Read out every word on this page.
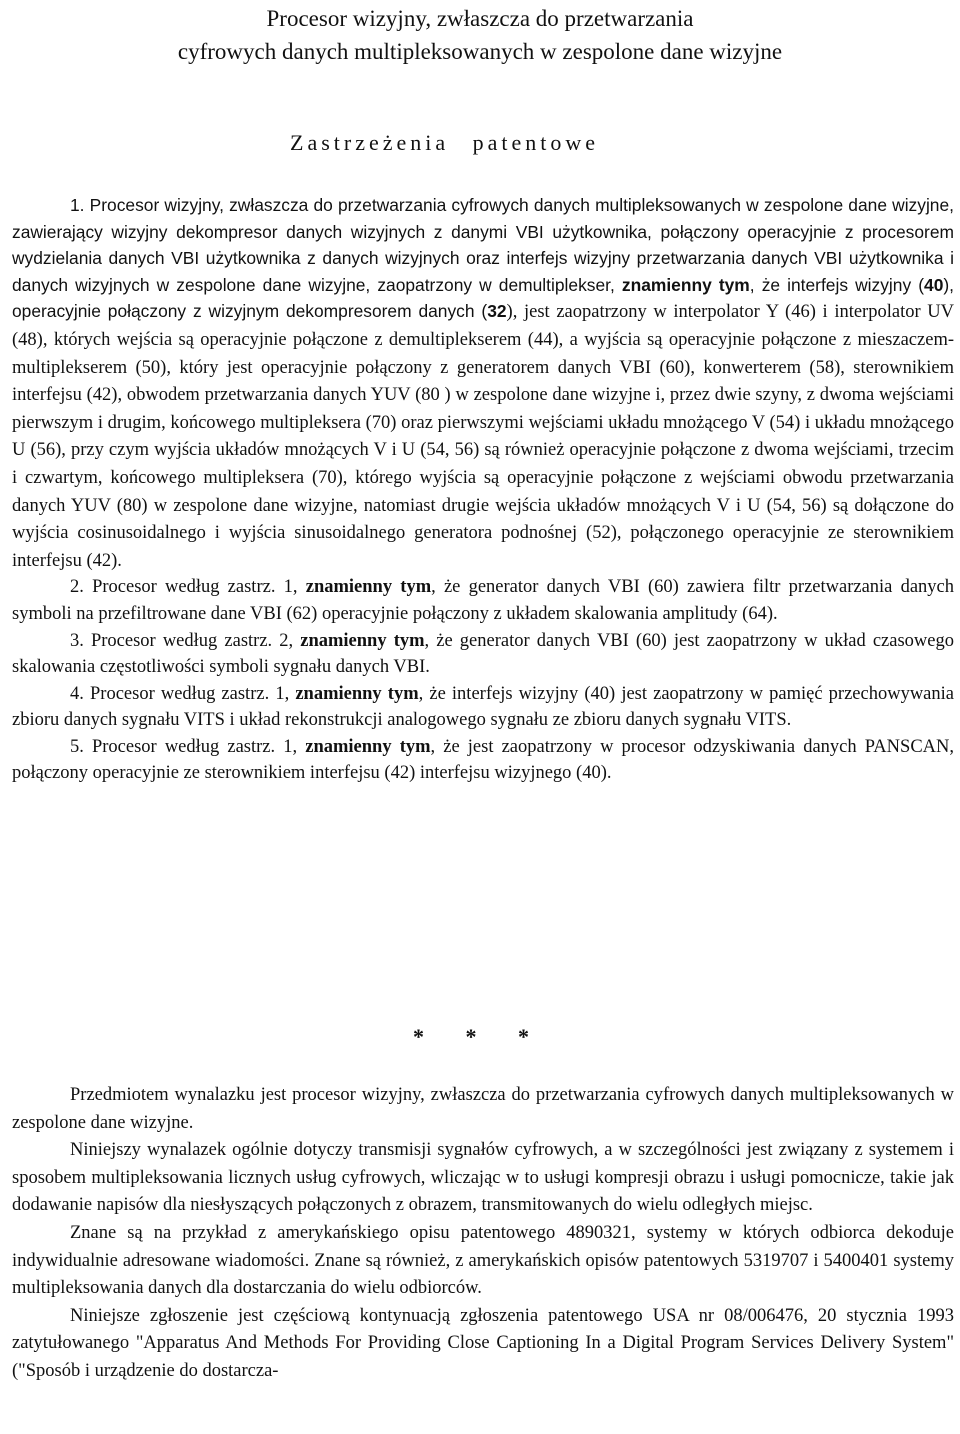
Procesor wizyjny, zwłaszcza do przetwarzania
cyfrowych danych multipleksowanych w zespolone dane wizyjne
Zastrzeżenia patentowe

1. Procesor wizyjny, zwłaszcza do przetwarzania cyfrowych danych multipleksowanych w zespolone dane wizyjne, zawierający wizyjny dekompresor danych wizyjnych z danymi VBI użytkownika, połączony operacyjnie z procesorem wydzielania danych VBI użytkownika z danych wizyjnych oraz interfejs wizyjny przetwarzania danych VBI użytkownika i danych wizyjnych w zespolone dane wizyjne, zaopatrzony w demultiplekser, znamienny tym, że interfejs wizyjny (40), operacyjnie połączony z wizyjnym dekompresorem danych (32), jest zaopatrzony w interpolator Y (46) i interpolator UV (48), których wejścia są operacyjnie połączone z demultiplekserem (44), a wyjścia są operacyjnie połączone z mieszaczem-multiplekserem (50), który jest operacyjnie połączony z generatorem danych VBI (60), konwerterem (58), sterownikiem interfejsu (42), obwodem przetwarzania danych YUV (80 ) w zespolone dane wizyjne i, przez dwie szyny, z dwoma wejściami pierwszym i drugim, końcowego multipleksera (70) oraz pierwszymi wejściami układu mnożącego V (54) i układu mnożącego U (56), przy czym wyjścia układów mnożących V i U (54, 56) są również operacyjnie połączone z dwoma wejściami, trzecim i czwartym, końcowego multipleksera (70), którego wyjścia są operacyjnie połączone z wejściami obwodu przetwarzania danych YUV (80) w zespolone dane wizyjne, natomiast drugie wejścia układów mnożących V i U (54, 56) są dołączone do wyjścia cosinusoidalnego i wyjścia sinusoidalnego generatora podnośnej (52), połączonego operacyjnie ze sterownikiem interfejsu (42).

2. Procesor według zastrz. 1, znamienny tym, że generator danych VBI (60) zawiera filtr przetwarzania danych symboli na przefiltrowane dane VBI (62) operacyjnie połączony z układem skalowania amplitudy (64).

3. Procesor według zastrz. 2, znamienny tym, że generator danych VBI (60) jest zaopatrzony w układ czasowego skalowania częstotliwości symboli sygnału danych VBI.

4. Procesor według zastrz. 1, znamienny tym, że interfejs wizyjny (40) jest zaopatrzony w pamięć przechowywania zbioru danych sygnału VITS i układ rekonstrukcji analogowego sygnału ze zbioru danych sygnału VITS.

5. Procesor według zastrz. 1, znamienny tym, że jest zaopatrzony w procesor odzyskiwania danych PANSCAN, połączony operacyjnie ze sterownikiem interfejsu (42) interfejsu wizyjnego (40).

* * *

Przedmiotem wynalazku jest procesor wizyjny, zwłaszcza do przetwarzania cyfrowych danych multipleksowanych w zespolone dane wizyjne.

Niniejszy wynalazek ogólnie dotyczy transmisji sygnałów cyfrowych, a w szczególności jest związany z systemem i sposobem multipleksowania licznych usług cyfrowych, wliczając w to usługi kompresji obrazu i usługi pomocnicze, takie jak dodawanie napisów dla niesłyszących połączonych z obrazem, transmitowanych do wielu odległych miejsc.

Znane są na przykład z amerykańskiego opisu patentowego 4890321, systemy w których odbiorca dekoduje indywidualnie adresowane wiadomości. Znane są również, z amerykańskich opisów patentowych 5319707 i 5400401 systemy multipleksowania danych dla dostarczania do wielu odbiorców.

Niniejsze zgłoszenie jest częściową kontynuacją zgłoszenia patentowego USA nr 08/006476, 20 stycznia 1993 zatytułowanego "Apparatus And Methods For Providing Close Captioning In a Digital Program Services Delivery System" ("Sposób i urządzenie do dostarcza-
